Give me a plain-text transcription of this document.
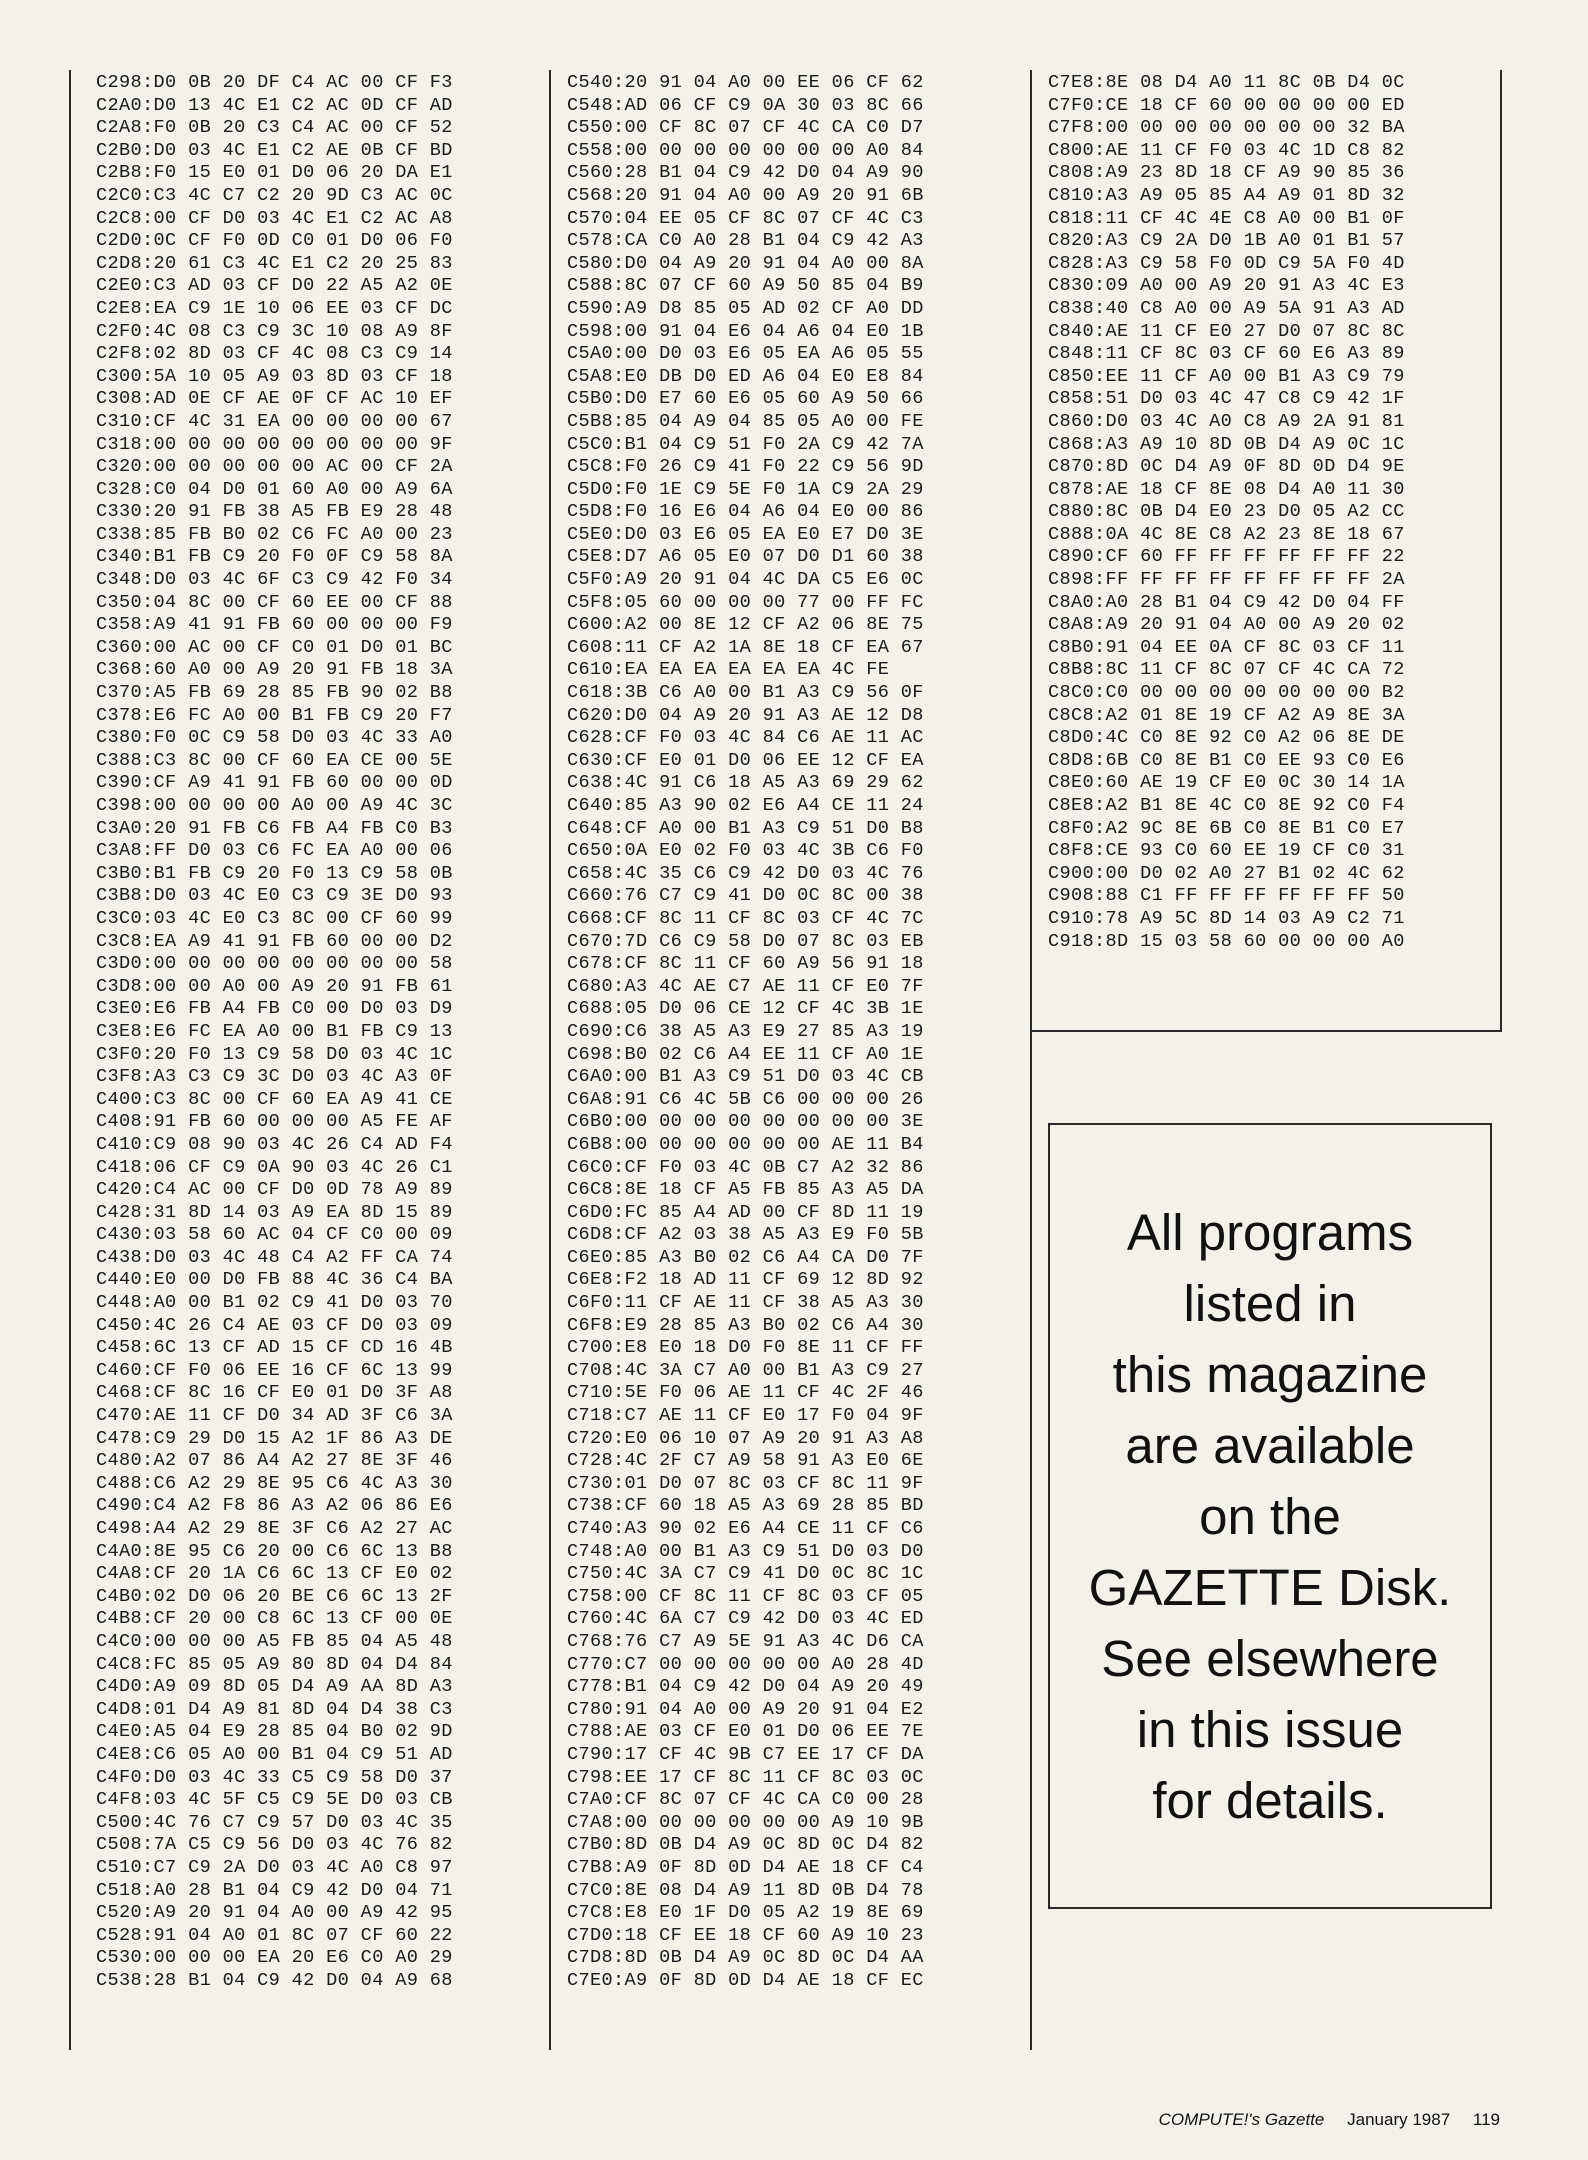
C298:D0 0B 20 DF C4 AC 00 CF F3
C2A0:D0 13 4C E1 C2 AC 0D CF AD
C2A8:F0 0B 20 C3 C4 AC 00 CF 52
C2B0:D0 03 4C E1 C2 AE 0B CF BD
C2B8:F0 15 E0 01 D0 06 20 DA E1
C2C0:C3 4C C7 C2 20 9D C3 AC 0C
C2C8:00 CF D0 03 4C E1 C2 AC A8
C2D0:0C CF F0 0D C0 01 D0 06 F0
C2D8:20 61 C3 4C E1 C2 20 25 83
C2E0:C3 AD 03 CF D0 22 A5 A2 0E
C2E8:EA C9 1E 10 06 EE 03 CF DC
C2F0:4C 08 C3 C9 3C 10 08 A9 8F
C2F8:02 8D 03 CF 4C 08 C3 C9 14
C300:5A 10 05 A9 03 8D 03 CF 18
C308:AD 0E CF AE 0F CF AC 10 EF
C310:CF 4C 31 EA 00 00 00 00 67
C318:00 00 00 00 00 00 00 00 9F
C320:00 00 00 00 00 AC 00 CF 2A
C328:C0 04 D0 01 60 A0 00 A9 6A
C330:20 91 FB 38 A5 FB E9 28 48
C338:85 FB B0 02 C6 FC A0 00 23
C340:B1 FB C9 20 F0 0F C9 58 8A
C348:D0 03 4C 6F C3 C9 42 F0 34
C350:04 8C 00 CF 60 EE 00 CF 88
C358:A9 41 91 FB 60 00 00 00 F9
C360:00 AC 00 CF C0 01 D0 01 BC
C368:60 A0 00 A9 20 91 FB 18 3A
C370:A5 FB 69 28 85 FB 90 02 B8
C378:E6 FC A0 00 B1 FB C9 20 F7
C380:F0 0C C9 58 D0 03 4C 33 A0
C388:C3 8C 00 CF 60 EA CE 00 5E
C390:CF A9 41 91 FB 60 00 00 0D
C398:00 00 00 00 A0 00 A9 4C 3C
C3A0:20 91 FB C6 FB A4 FB C0 B3
C3A8:FF D0 03 C6 FC EA A0 00 06
C3B0:B1 FB C9 20 F0 13 C9 58 0B
C3B8:D0 03 4C E0 C3 C9 3E D0 93
C3C0:03 4C E0 C3 8C 00 CF 60 99
C3C8:EA A9 41 91 FB 60 00 00 D2
C3D0:00 00 00 00 00 00 00 00 58
C3D8:00 00 A0 00 A9 20 91 FB 61
C3E0:E6 FB A4 FB C0 00 D0 03 D9
C3E8:E6 FC EA A0 00 B1 FB C9 13
C3F0:20 F0 13 C9 58 D0 03 4C 1C
C3F8:A3 C3 C9 3C D0 03 4C A3 0F
C400:C3 8C 00 CF 60 EA A9 41 CE
C408:91 FB 60 00 00 00 A5 FE AF
C410:C9 08 90 03 4C 26 C4 AD F4
C418:06 CF C9 0A 90 03 4C 26 C1
C420:C4 AC 00 CF D0 0D 78 A9 89
C428:31 8D 14 03 A9 EA 8D 15 89
C430:03 58 60 AC 04 CF C0 00 09
C438:D0 03 4C 48 C4 A2 FF CA 74
C440:E0 00 D0 FB 88 4C 36 C4 BA
C448:A0 00 B1 02 C9 41 D0 03 70
C450:4C 26 C4 AE 03 CF D0 03 09
C458:6C 13 CF AD 15 CF CD 16 4B
C460:CF F0 06 EE 16 CF 6C 13 99
C468:CF 8C 16 CF E0 01 D0 3F A8
C470:AE 11 CF D0 34 AD 3F C6 3A
C478:C9 29 D0 15 A2 1F 86 A3 DE
C480:A2 07 86 A4 A2 27 8E 3F 46
C488:C6 A2 29 8E 95 C6 4C A3 30
C490:C4 A2 F8 86 A3 A2 06 86 E6
C498:A4 A2 29 8E 3F C6 A2 27 AC
C4A0:8E 95 C6 20 00 C6 6C 13 B8
C4A8:CF 20 1A C6 6C 13 CF E0 02
C4B0:02 D0 06 20 BE C6 6C 13 2F
C4B8:CF 20 00 C8 6C 13 CF 00 0E
C4C0:00 00 00 A5 FB 85 04 A5 48
C4C8:FC 85 05 A9 80 8D 04 D4 84
C4D0:A9 09 8D 05 D4 A9 AA 8D A3
C4D8:01 D4 A9 81 8D 04 D4 38 C3
C4E0:A5 04 E9 28 85 04 B0 02 9D
C4E8:C6 05 A0 00 B1 04 C9 51 AD
C4F0:D0 03 4C 33 C5 C9 58 D0 37
C4F8:03 4C 5F C5 C9 5E D0 03 CB
C500:4C 76 C7 C9 57 D0 03 4C 35
C508:7A C5 C9 56 D0 03 4C 76 82
C510:C7 C9 2A D0 03 4C A0 C8 97
C518:A0 28 B1 04 C9 42 D0 04 71
C520:A9 20 91 04 A0 00 A9 42 95
C528:91 04 A0 01 8C 07 CF 60 22
C530:00 00 00 EA 20 E6 C0 A0 29
C538:28 B1 04 C9 42 D0 04 A9 68
C540:20 91 04 A0 00 EE 06 CF 62
C548:AD 06 CF C9 0A 30 03 8C 66
C550:00 CF 8C 07 CF 4C CA C0 D7
C558:00 00 00 00 00 00 00 A0 84
C560:28 B1 04 C9 42 D0 04 A9 90
C568:20 91 04 A0 00 A9 20 91 6B
C570:04 EE 05 CF 8C 07 CF 4C C3
C578:CA C0 A0 28 B1 04 C9 42 A3
C580:D0 04 A9 20 91 04 A0 00 8A
C588:8C 07 CF 60 A9 50 85 04 B9
C590:A9 D8 85 05 AD 02 CF A0 DD
C598:00 91 04 E6 04 A6 04 E0 1B
C5A0:00 D0 03 E6 05 EA A6 05 55
C5A8:E0 DB D0 ED A6 04 E0 E8 84
C5B0:D0 E7 60 E6 05 60 A9 50 66
C5B8:85 04 A9 04 85 05 A0 00 FE
C5C0:B1 04 C9 51 F0 2A C9 42 7A
C5C8:F0 26 C9 41 F0 22 C9 56 9D
C5D0:F0 1E C9 5E F0 1A C9 2A 29
C5D8:F0 16 E6 04 A6 04 E0 00 86
C5E0:D0 03 E6 05 EA E0 E7 D0 3E
C5E8:D7 A6 05 E0 07 D0 D1 60 38
C5F0:A9 20 91 04 4C DA C5 E6 0C
C5F8:05 60 00 00 00 77 00 FF FC
C600:A2 00 8E 12 CF A2 06 8E 75
C608:11 CF A2 1A 8E 18 CF EA 67
C610:EA EA EA EA EA EA 4C FE
C618:3B C6 A0 00 B1 A3 C9 56 0F
C620:D0 04 A9 20 91 A3 AE 12 D8
C628:CF F0 03 4C 84 C6 AE 11 AC
C630:CF E0 01 D0 06 EE 12 CF EA
C638:4C 91 C6 18 A5 A3 69 29 62
C640:85 A3 90 02 E6 A4 CE 11 24
C648:CF A0 00 B1 A3 C9 51 D0 B8
C650:0A E0 02 F0 03 4C 3B C6 F0
C658:4C 35 C6 C9 42 D0 03 4C 76
C660:76 C7 C9 41 D0 0C 8C 00 38
C668:CF 8C 11 CF 8C 03 CF 4C 7C
C670:7D C6 C9 58 D0 07 8C 03 EB
C678:CF 8C 11 CF 60 A9 56 91 18
C680:A3 4C AE C7 AE 11 CF E0 7F
C688:05 D0 06 CE 12 CF 4C 3B 1E
C690:C6 38 A5 A3 E9 27 85 A3 19
C698:B0 02 C6 A4 EE 11 CF A0 1E
C6A0:00 B1 A3 C9 51 D0 03 4C CB
C6A8:91 C6 4C 5B C6 00 00 00 26
C6B0:00 00 00 00 00 00 00 00 3E
C6B8:00 00 00 00 00 00 AE 11 B4
C6C0:CF F0 03 4C 0B C7 A2 32 86
C6C8:8E 18 CF A5 FB 85 A3 A5 DA
C6D0:FC 85 A4 AD 00 CF 8D 11 19
C6D8:CF A2 03 38 A5 A3 E9 F0 5B
C6E0:85 A3 B0 02 C6 A4 CA D0 7F
C6E8:F2 18 AD 11 CF 69 12 8D 92
C6F0:11 CF AE 11 CF 38 A5 A3 30
C6F8:E9 28 85 A3 B0 02 C6 A4 30
C700:E8 E0 18 D0 F0 8E 11 CF FF
C708:4C 3A C7 A0 00 B1 A3 C9 27
C710:5E F0 06 AE 11 CF 4C 2F 46
C718:C7 AE 11 CF E0 17 F0 04 9F
C720:E0 06 10 07 A9 20 91 A3 A8
C728:4C 2F C7 A9 58 91 A3 E0 6E
C730:01 D0 07 8C 03 CF 8C 11 9F
C738:CF 60 18 A5 A3 69 28 85 BD
C740:A3 90 02 E6 A4 CE 11 CF C6
C748:A0 00 B1 A3 C9 51 D0 03 D0
C750:4C 3A C7 C9 41 D0 0C 8C 1C
C758:00 CF 8C 11 CF 8C 03 CF 05
C760:4C 6A C7 C9 42 D0 03 4C ED
C768:76 C7 A9 5E 91 A3 4C D6 CA
C770:C7 00 00 00 00 00 A0 28 4D
C778:B1 04 C9 42 D0 04 A9 20 49
C780:91 04 A0 00 A9 20 91 04 E2
C788:AE 03 CF E0 01 D0 06 EE 7E
C790:17 CF 4C 9B C7 EE 17 CF DA
C798:EE 17 CF 8C 11 CF 8C 03 0C
C7A0:CF 8C 07 CF 4C CA C0 00 28
C7A8:00 00 00 00 00 00 A9 10 9B
C7B0:8D 0B D4 A9 0C 8D 0C D4 82
C7B8:A9 0F 8D 0D D4 AE 18 CF C4
C7C0:8E 08 D4 A9 11 8D 0B D4 78
C7C8:E8 E0 1F D0 05 A2 19 8E 69
C7D0:18 CF EE 18 CF 60 A9 10 23
C7D8:8D 0B D4 A9 0C 8D 0C D4 AA
C7E0:A9 0F 8D 0D D4 AE 18 CF EC
C7E8:8E 08 D4 A0 11 8C 0B D4 0C
C7F0:CE 18 CF 60 00 00 00 00 ED
C7F8:00 00 00 00 00 00 00 32 BA
C800:AE 11 CF F0 03 4C 1D C8 82
C808:A9 23 8D 18 CF A9 90 85 36
C810:A3 A9 05 85 A4 A9 01 8D 32
C818:11 CF 4C 4E C8 A0 00 B1 0F
C820:A3 C9 2A D0 1B A0 01 B1 57
C828:A3 C9 58 F0 0D C9 5A F0 4D
C830:09 A0 00 A9 20 91 A3 4C E3
C838:40 C8 A0 00 A9 5A 91 A3 AD
C840:AE 11 CF E0 27 D0 07 8C 8C
C848:11 CF 8C 03 CF 60 E6 A3 89
C850:EE 11 CF A0 00 B1 A3 C9 79
C858:51 D0 03 4C 47 C8 C9 42 1F
C860:D0 03 4C A0 C8 A9 2A 91 81
C868:A3 A9 10 8D 0B D4 A9 0C 1C
C870:8D 0C D4 A9 0F 8D 0D D4 9E
C878:AE 18 CF 8E 08 D4 A0 11 30
C880:8C 0B D4 E0 23 D0 05 A2 CC
C888:0A 4C 8E C8 A2 23 8E 18 67
C890:CF 60 FF FF FF FF FF FF 22
C898:FF FF FF FF FF FF FF FF 2A
C8A0:A0 28 B1 04 C9 42 D0 04 FF
C8A8:A9 20 91 04 A0 00 A9 20 02
C8B0:91 04 EE 0A CF 8C 03 CF 11
C8B8:8C 11 CF 8C 07 CF 4C CA 72
C8C0:C0 00 00 00 00 00 00 00 B2
C8C8:A2 01 8E 19 CF A2 A9 8E 3A
C8D0:4C C0 8E 92 C0 A2 06 8E DE
C8D8:6B C0 8E B1 C0 EE 93 C0 E6
C8E0:60 AE 19 CF E0 0C 30 14 1A
C8E8:A2 B1 8E 4C C0 8E 92 C0 F4
C8F0:A2 9C 8E 6B C0 8E B1 C0 E7
C8F8:CE 93 C0 60 EE 19 CF C0 31
C900:00 D0 02 A0 27 B1 02 4C 62
C908:88 C1 FF FF FF FF FF FF 50
C910:78 A9 5C 8D 14 03 A9 C2 71
C918:8D 15 03 58 60 00 00 00 A0
All programs
listed in
this magazine
are available
on the
GAZETTE Disk.
See elsewhere
in this issue
for details.
COMPUTE!'s Gazette January 1987 119
